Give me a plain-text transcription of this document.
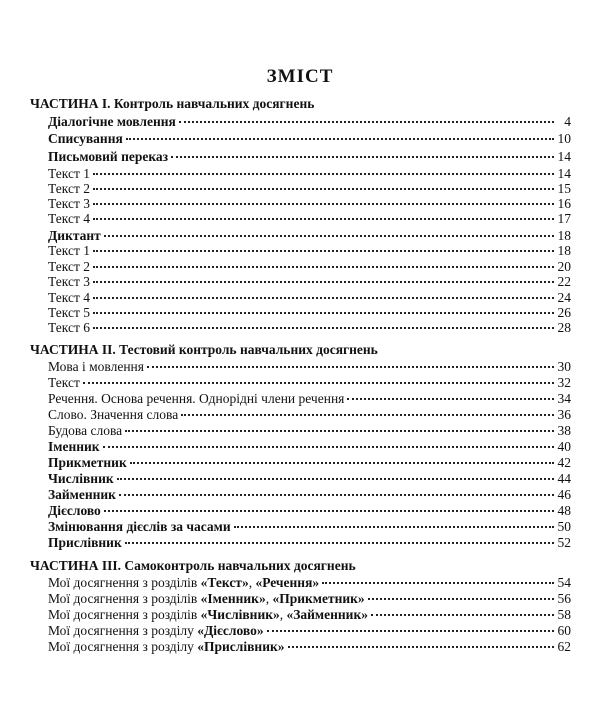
ЗМІСТ
ЧАСТИНА І. Контроль навчальних досягнень
Діалогічне мовлення	4
Списування	10
Письмовий переказ	14
Текст 1	14
Текст 2	15
Текст 3	16
Текст 4	17
Диктант	18
Текст 1	18
Текст 2	20
Текст 3	22
Текст 4	24
Текст 5	26
Текст 6	28
ЧАСТИНА ІІ. Тестовий контроль навчальних досягнень
Мова і мовлення	30
Текст	32
Речення. Основа речення. Однорідні члени речення	34
Слово. Значення слова	36
Будова слова	38
Іменник	40
Прикметник	42
Числівник	44
Займенник	46
Дієслово	48
Змінювання дієслів за часами	50
Прислівник	52
ЧАСТИНА ІІІ. Самоконтроль навчальних досягнень
Мої досягнення з розділів «Текст», «Речення»	54
Мої досягнення з розділів «Іменник», «Прикметник»	56
Мої досягнення з розділів «Числівник», «Займенник»	58
Мої досягнення з розділу «Дієслово»	60
Мої досягнення з розділу «Прислівник»	62
